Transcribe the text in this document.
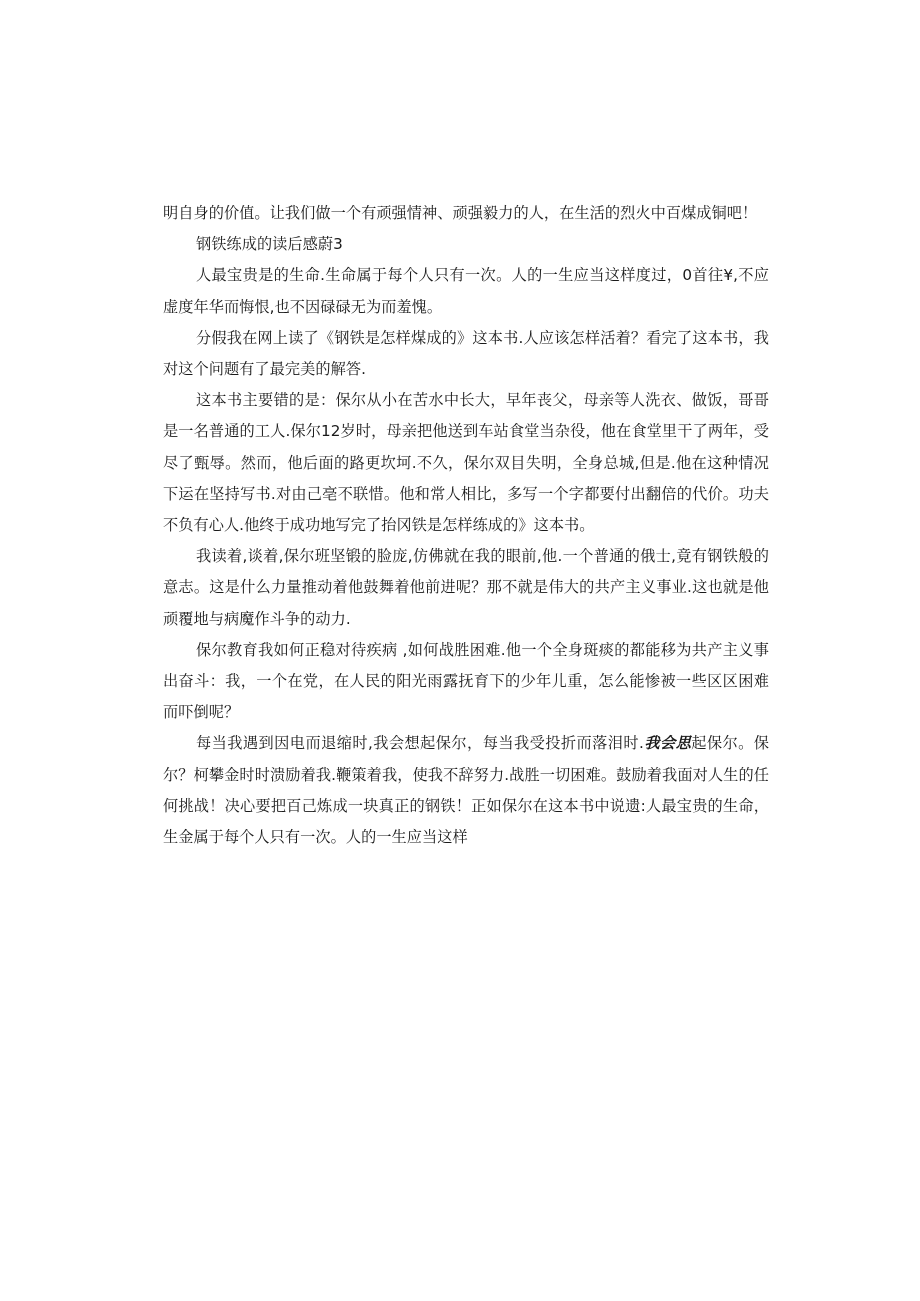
明自身的价值。让我们做一个有顽强情神、顽强毅力的人，在生活的烈火中百煤成铜吧！

钢铁练成的读后感蔚3

人最宝贵是的生命.生命属于每个人只有一次。人的一生应当这样度过，0首往¥,不应虚度年华而悔恨,也不因碌碌无为而羞愧。

分假我在网上读了《钢铁是怎样煤成的》这本书.人应该怎样活着？看完了这本书，我对这个问题有了最完美的解答.

这本书主要错的是：保尔从小在苦水中长大，早年丧父，母亲等人洗衣、做饭，哥哥是一名普通的工人.保尔12岁时，母亲把他送到车站食堂当杂役，他在食堂里干了两年，受尽了甄辱。然而，他后面的路更坎坷.不久，保尔双目失明，全身总城,但是.他在这种情况下运在坚持写书.对由己亳不联惜。他和常人相比，多写一个字都要付出翻倍的代价。功夫不负有心人.他终于成功地写完了抬冈铁是怎样练成的》这本书。

我读着,谈着,保尔班坚锻的脸庞,仿佛就在我的眼前,他.一个普通的俄士,竟有钢铁般的意志。这是什么力量推动着他鼓舞着他前进呢？那不就是伟大的共产主义事业.这也就是他顽覆地与病魔作斗争的动力.

保尔教育我如何正稳对待疾病 ,如何战胜困难.他一个全身斑痰的都能移为共产主义事出奋斗：我，一个在党，在人民的阳光雨露抚育下的少年儿重，怎么能惨被一些区区困难而吓倒呢？

每当我遇到因电而退缩时,我会想起保尔，每当我受投折而落泪时.我会思起保尔。保尔？柯攀金时时溃励着我.鞭策着我，使我不辞努力.战胜一切困难。鼓励着我面对人生的任何挑战！决心要把百己炼成一块真正的钢铁！正如保尔在这本书中说遗:人最宝贵的生命，生金属于每个人只有一次。人的一生应当这样
